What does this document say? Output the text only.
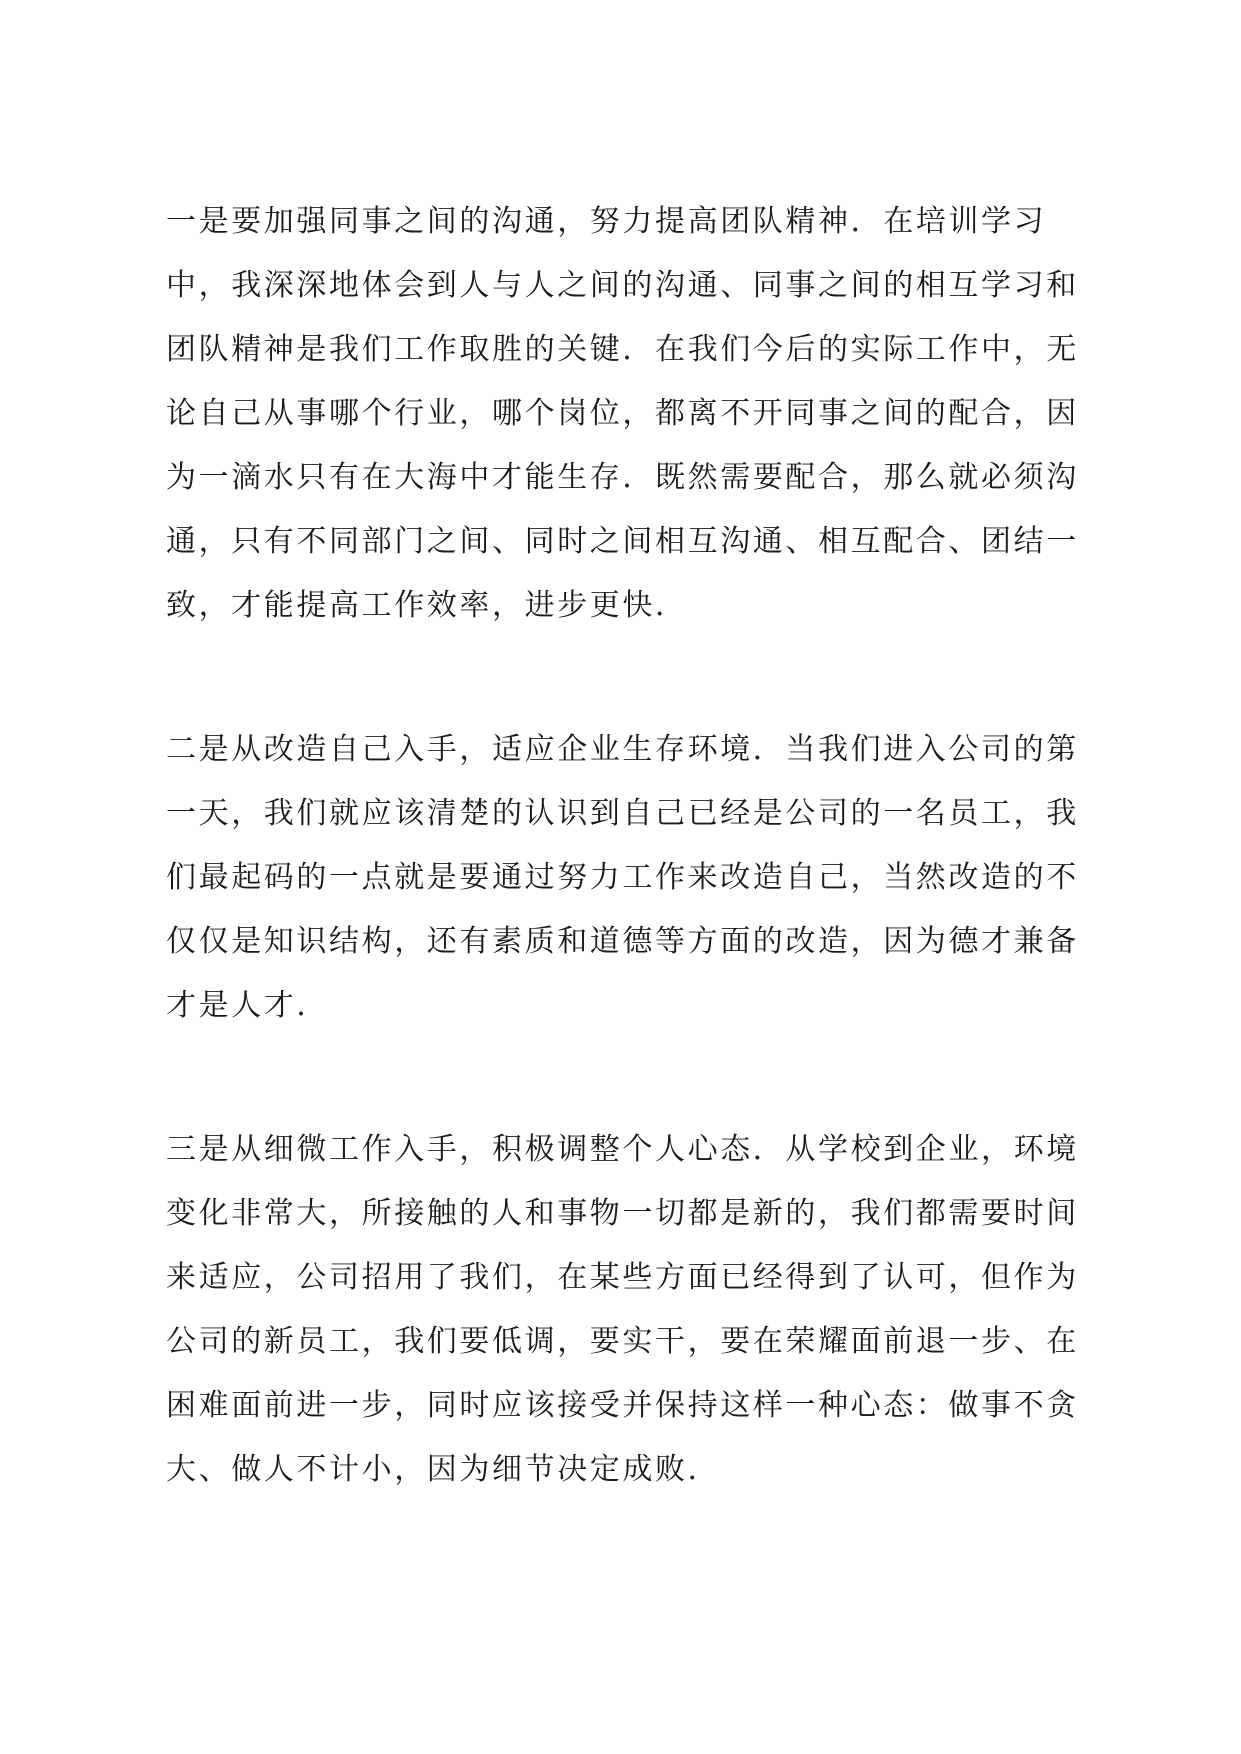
一是要加强同事之间的沟通，努力提高团队精神．在培训学习
中，我深深地体会到人与人之间的沟通、同事之间的相互学习和
团队精神是我们工作取胜的关键．在我们今后的实际工作中，无
论自己从事哪个行业，哪个岗位，都离不开同事之间的配合，因
为一滴水只有在大海中才能生存．既然需要配合，那么就必须沟
通，只有不同部门之间、同时之间相互沟通、相互配合、团结一
致，才能提高工作效率，进步更快．
二是从改造自己入手，适应企业生存环境．当我们进入公司的第
一天，我们就应该清楚的认识到自己已经是公司的一名员工，我
们最起码的一点就是要通过努力工作来改造自己，当然改造的不
仅仅是知识结构，还有素质和道德等方面的改造，因为德才兼备
才是人才．
三是从细微工作入手，积极调整个人心态．从学校到企业，环境
变化非常大，所接触的人和事物一切都是新的，我们都需要时间
来适应，公司招用了我们，在某些方面已经得到了认可，但作为
公司的新员工，我们要低调，要实干，要在荣耀面前退一步、在
困难面前进一步，同时应该接受并保持这样一种心态：做事不贪
大、做人不计小，因为细节决定成败．
